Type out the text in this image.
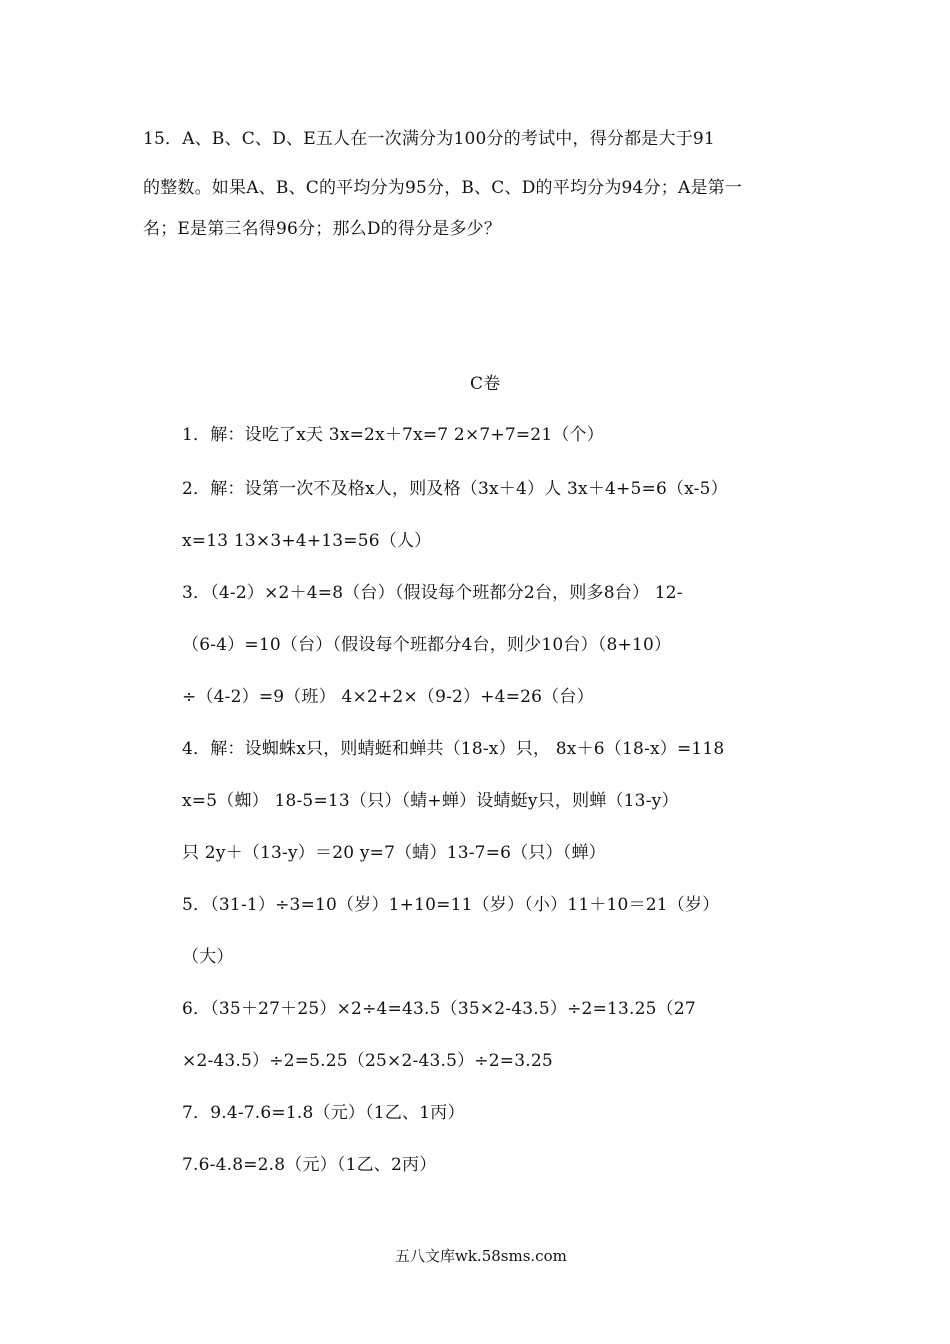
15．A、B、C、D、E五人在一次满分为100分的考试中，得分都是大于91
的整数。如果A、B、C的平均分为95分，B、C、D的平均分为94分；A是第一
名；E是第三名得96分；那么D的得分是多少？
C卷
1．解：设吃了x天 3x=2x＋7x=7 2×7+7=21（个）
2．解：设第一次不及格x人，则及格（3x＋4）人 3x＋4+5=6（x-5）
x=13 13×3+4+13=56（人）
3．（4-2）×2＋4=8（台）（假设每个班都分2台，则多8台） 12-
（6-4）=10（台）（假设每个班都分4台，则少10台）（8+10）
÷（4-2）=9（班） 4×2+2×（9-2）+4=26（台）
4．解：设蜘蛛x只，则蜻蜓和蝉共（18-x）只， 8x＋6（18-x）=118
x=5（蜘） 18-5=13（只）（蜻+蝉）设蜻蜓y只，则蝉（13-y）
只 2y＋（13-y）＝20 y=7（蜻）13-7=6（只）（蝉）
5．（31-1）÷3=10（岁）1+10=11（岁）（小）11＋10＝21（岁）
（大）
6．（35＋27＋25）×2÷4=43.5（35×2-43.5）÷2=13.25（27
×2-43.5）÷2=5.25（25×2-43.5）÷2=3.25
7．9.4-7.6=1.8（元）（1乙、1丙）
7.6-4.8=2.8（元）（1乙、2丙）
五八文库wk.58sms.com
